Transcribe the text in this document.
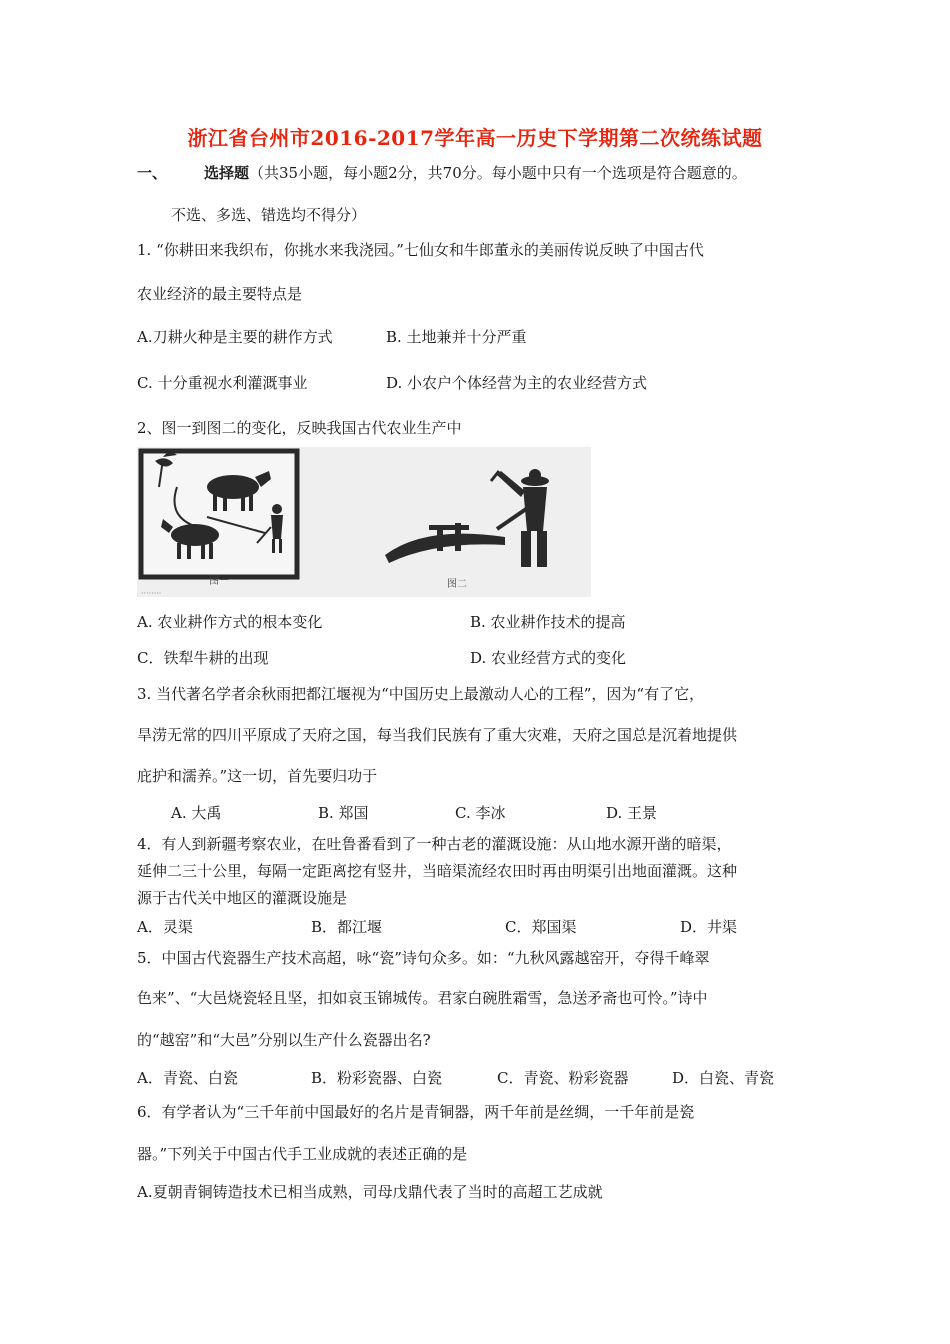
浙江省台州市2016-2017学年高一历史下学期第二次统练试题
一、 选择题（共35小题，每小题2分，共70分。每小题中只有一个选项是符合题意的。
不选、多选、错选均不得分）
1. “你耕田来我织布，你挑水来我浇园。”七仙女和牛郎董永的美丽传说反映了中国古代
农业经济的最主要特点是
A.刀耕火种是主要的耕作方式	B. 土地兼并十分严重
C. 十分重视水利灌溉事业	D. 小农户个体经营为主的农业经营方式
2、图一到图二的变化，反映我国古代农业生产中
图一
········
图二
A. 农业耕作方式的根本变化	B. 农业耕作技术的提高
C．铁犁牛耕的出现	D. 农业经营方式的变化
3. 当代著名学者余秋雨把都江堰视为“中国历史上最激动人心的工程”，因为“有了它，
旱涝无常的四川平原成了天府之国，每当我们民族有了重大灾难，天府之国总是沉着地提供
庇护和濡养。”这一切，首先要归功于
A. 大禹	B. 郑国	C. 李冰	D. 王景
4．有人到新疆考察农业，在吐鲁番看到了一种古老的灌溉设施：从山地水源开凿的暗渠，
延伸二三十公里，每隔一定距离挖有竖井，当暗渠流经农田时再由明渠引出地面灌溉。这种
源于古代关中地区的灌溉设施是
A．灵渠	B．都江堰	C．郑国渠	D．井渠
5．中国古代瓷器生产技术高超，咏“瓷”诗句众多。如：“九秋风露越窑开，夺得千峰翠
色来”、“大邑烧瓷轻且坚，扣如哀玉锦城传。君家白碗胜霜雪，急送矛斋也可怜。”诗中
的“越窑”和“大邑”分别以生产什么瓷器出名?
A．青瓷、白瓷	B．粉彩瓷器、白瓷	C．青瓷、粉彩瓷器	D．白瓷、青瓷
6．有学者认为“三千年前中国最好的名片是青铜器，两千年前是丝绸，一千年前是瓷
器。”下列关于中国古代手工业成就的表述正确的是
A.夏朝青铜铸造技术已相当成熟，司母戊鼎代表了当时的高超工艺成就
